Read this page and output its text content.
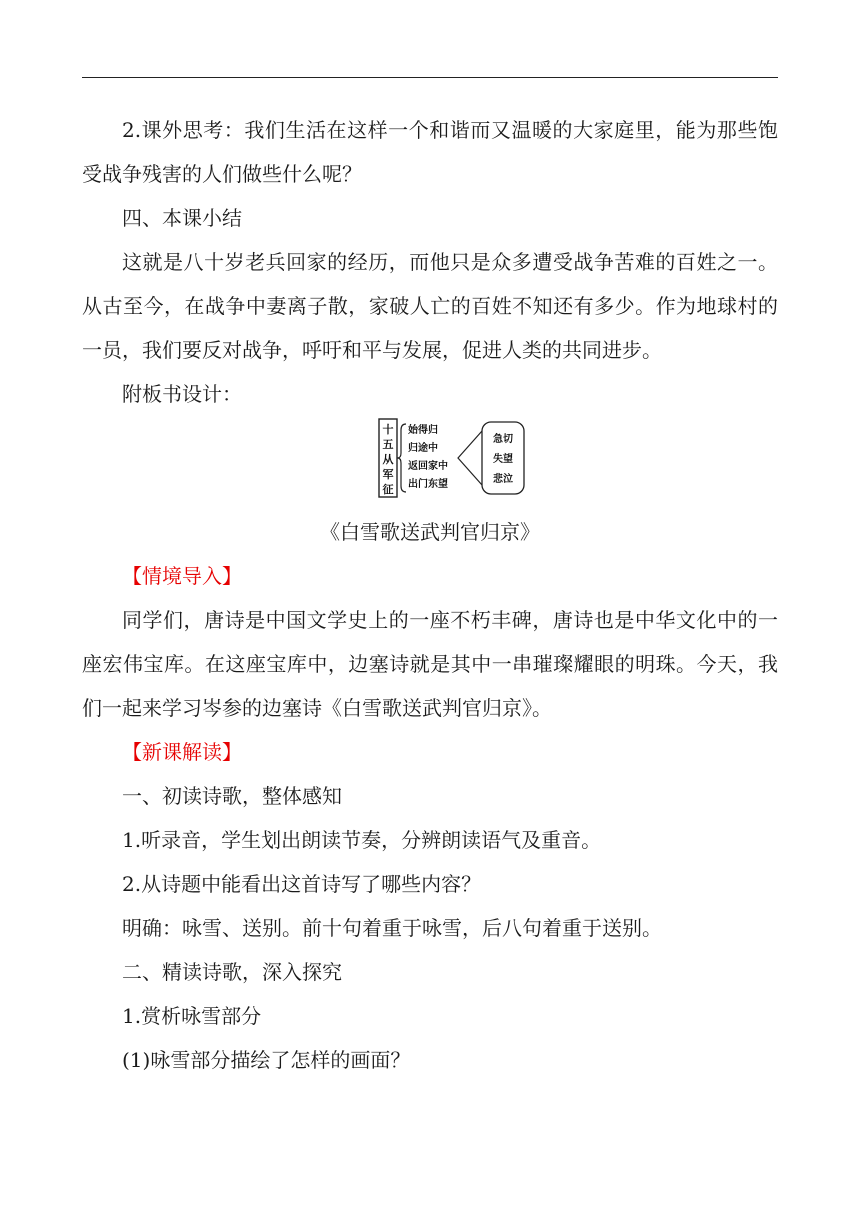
2.课外思考：我们生活在这样一个和谐而又温暖的大家庭里，能为那些饱受战争残害的人们做些什么呢？

四、本课小结

这就是八十岁老兵回家的经历，而他只是众多遭受战争苦难的百姓之一。从古至今，在战争中妻离子散，家破人亡的百姓不知还有多少。作为地球村的一员，我们要反对战争，呼吁和平与发展，促进人类的共同进步。

附板书设计：

十
五
从
军
征
始得归
归途中
返回家中
出门东望
急切
失望
悲泣

《白雪歌送武判官归京》

【情境导入】

同学们，唐诗是中国文学史上的一座不朽丰碑，唐诗也是中华文化中的一座宏伟宝库。在这座宝库中，边塞诗就是其中一串璀璨耀眼的明珠。今天，我们一起来学习岑参的边塞诗《白雪歌送武判官归京》。

【新课解读】

一、初读诗歌，整体感知

1.听录音，学生划出朗读节奏，分辨朗读语气及重音。

2.从诗题中能看出这首诗写了哪些内容？

明确：咏雪、送别。前十句着重于咏雪，后八句着重于送别。

二、精读诗歌，深入探究

1.赏析咏雪部分

(1)咏雪部分描绘了怎样的画面？
